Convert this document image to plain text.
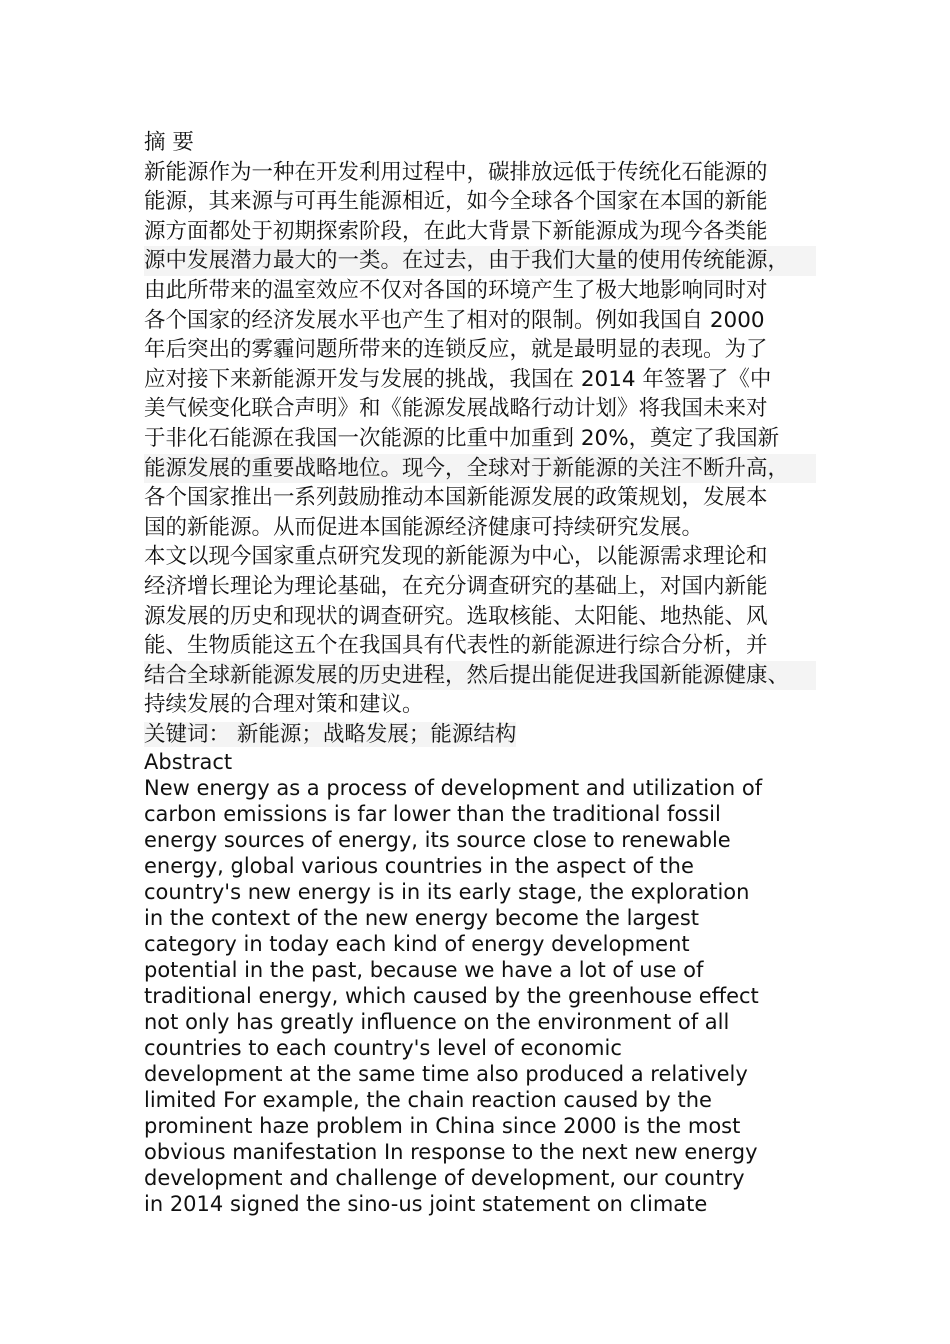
摘 要
新能源作为一种在开发利用过程中，碳排放远低于传统化石能源的
能源，其来源与可再生能源相近，如今全球各个国家在本国的新能
源方面都处于初期探索阶段，在此大背景下新能源成为现今各类能
源中发展潜力最大的一类。在过去，由于我们大量的使用传统能源，
由此所带来的温室效应不仅对各国的环境产生了极大地影响同时对
各个国家的经济发展水平也产生了相对的限制。例如我国自 2000
年后突出的雾霾问题所带来的连锁反应，就是最明显的表现。为了
应对接下来新能源开发与发展的挑战，我国在 2014 年签署了《中
美气候变化联合声明》和《能源发展战略行动计划》将我国未来对
于非化石能源在我国一次能源的比重中加重到 20%，奠定了我国新
能源发展的重要战略地位。现今，全球对于新能源的关注不断升高，
各个国家推出一系列鼓励推动本国新能源发展的政策规划，发展本
国的新能源。从而促进本国能源经济健康可持续研究发展。
本文以现今国家重点研究发现的新能源为中心，以能源需求理论和
经济增长理论为理论基础，在充分调查研究的基础上，对国内新能
源发展的历史和现状的调查研究。选取核能、太阳能、地热能、风
能、生物质能这五个在我国具有代表性的新能源进行综合分析，并
结合全球新能源发展的历史进程，然后提出能促进我国新能源健康、
持续发展的合理对策和建议。
关键词： 新能源；战略发展；能源结构
Abstract
New energy as a process of development and utilization of
carbon emissions is far lower than the traditional fossil
energy sources of energy, its source close to renewable
energy, global various countries in the aspect of the
country's new energy is in its early stage, the exploration
in the context of the new energy become the largest
category in today each kind of energy development
potential in the past, because we have a lot of use of
traditional energy, which caused by the greenhouse effect
not only has greatly influence on the environment of all
countries to each country's level of economic
development at the same time also produced a relatively
limited For example, the chain reaction caused by the
prominent haze problem in China since 2000 is the most
obvious manifestation In response to the next new energy
development and challenge of development, our country
in 2014 signed the sino-us joint statement on climate
